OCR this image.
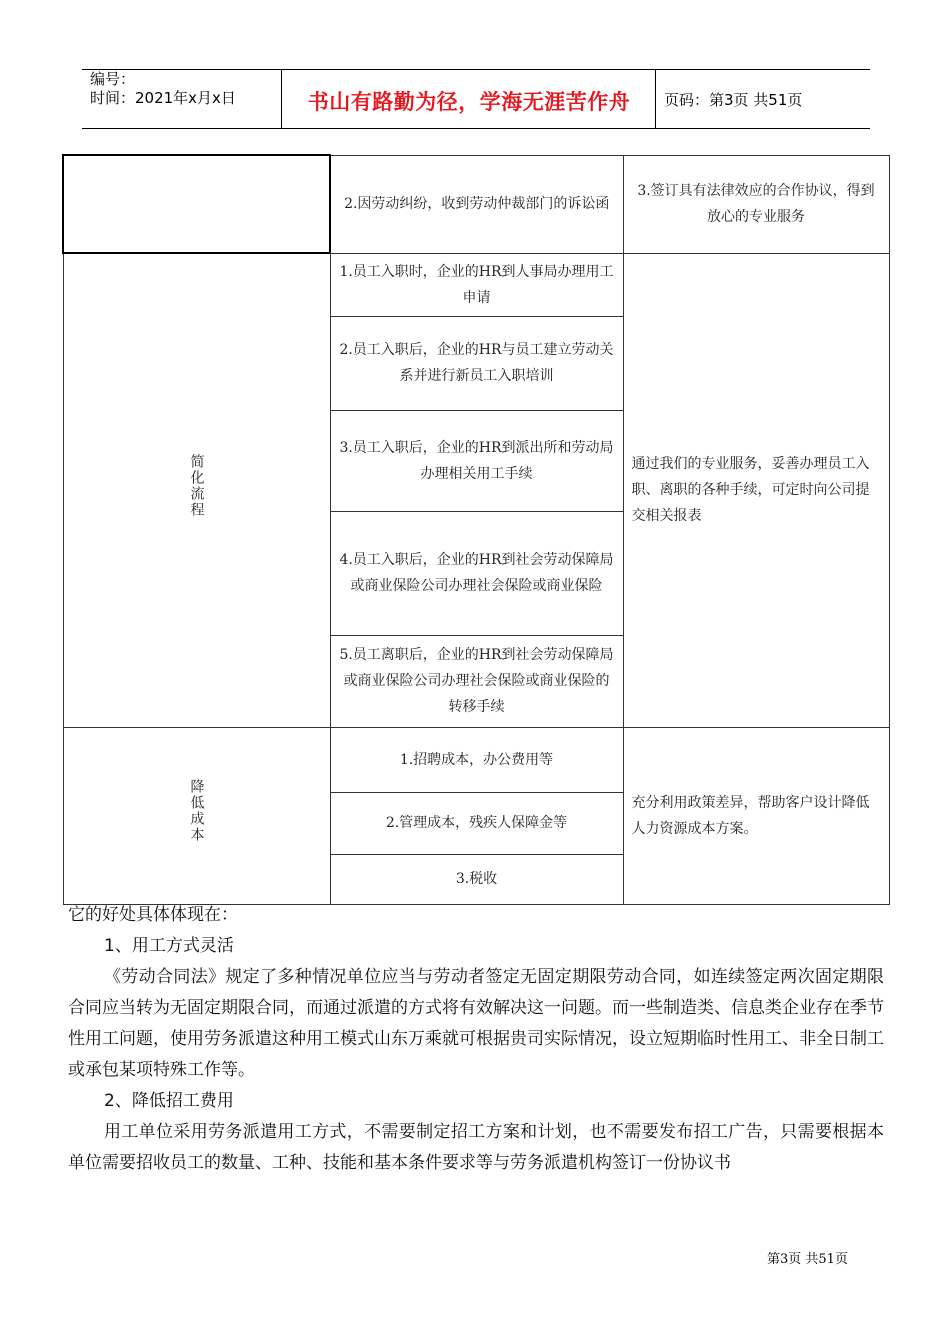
编号：
时间：2021年x月x日	书山有路勤为径，学海无涯苦作舟	页码：第3页 共51页
	2.因劳动纠纷，收到劳动仲裁部门的诉讼函	3.签订具有法律效应的合作协议，得到放心的专业服务
简化流程	1.员工入职时，企业的HR到人事局办理用工申请	通过我们的专业服务，妥善办理员工入职、离职的各种手续，可定时向公司提交相关报表
	2.员工入职后，企业的HR与员工建立劳动关系并进行新员工入职培训	
	3.员工入职后，企业的HR到派出所和劳动局办理相关用工手续	
	4.员工入职后，企业的HR到社会劳动保障局或商业保险公司办理社会保险或商业保险	
	5.员工离职后，企业的HR到社会劳动保障局或商业保险公司办理社会保险或商业保险的转移手续	
降低成本	1.招聘成本，办公费用等	充分利用政策差异，帮助客户设计降低人力资源成本方案。
	2.管理成本，残疾人保障金等	
	3.税收	

它的好处具体体现在：

1、用工方式灵活

《劳动合同法》规定了多种情况单位应当与劳动者签定无固定期限劳动合同，如连续签定两次固定期限合同应当转为无固定期限合同，而通过派遣的方式将有效解决这一问题。而一些制造类、信息类企业存在季节性用工问题，使用劳务派遣这种用工模式山东万乘就可根据贵司实际情况，设立短期临时性用工、非全日制工或承包某项特殊工作等。

2、降低招工费用

用工单位采用劳务派遣用工方式，不需要制定招工方案和计划，也不需要发布招工广告，只需要根据本单位需要招收员工的数量、工种、技能和基本条件要求等与劳务派遣机构签订一份协议书

第3页 共51页
